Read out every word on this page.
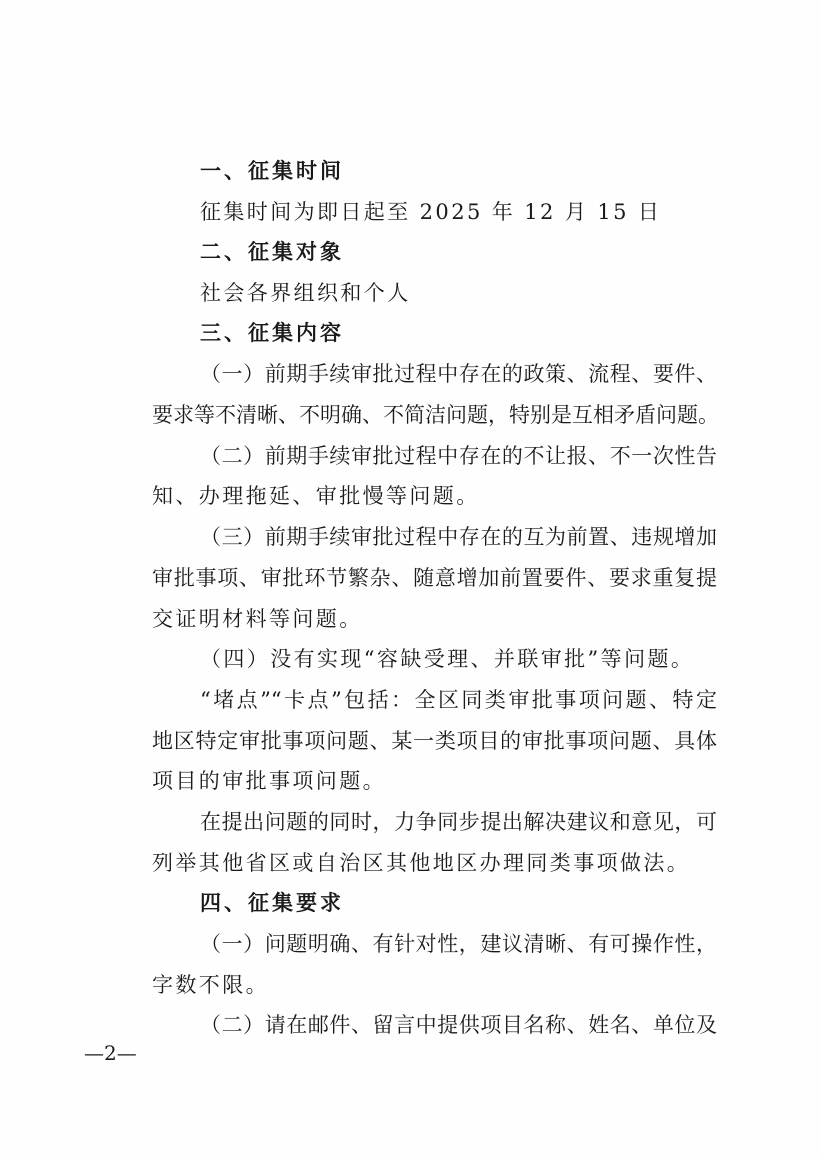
一、征集时间
征集时间为即日起至 2025 年 12 月 15 日
二、征集对象
社会各界组织和个人
三、征集内容
（一）前期手续审批过程中存在的政策、流程、要件、
要求等不清晰、不明确、不简洁问题，特别是互相矛盾问题。
（二）前期手续审批过程中存在的不让报、不一次性告
知、办理拖延、审批慢等问题。
（三）前期手续审批过程中存在的互为前置、违规增加
审批事项、审批环节繁杂、随意增加前置要件、要求重复提
交证明材料等问题。
（四）没有实现“容缺受理、并联审批”等问题。
“堵点”“卡点”包括：全区同类审批事项问题、特定
地区特定审批事项问题、某一类项目的审批事项问题、具体
项目的审批事项问题。
在提出问题的同时，力争同步提出解决建议和意见，可
列举其他省区或自治区其他地区办理同类事项做法。
四、征集要求
（一）问题明确、有针对性，建议清晰、有可操作性，
字数不限。
（二）请在邮件、留言中提供项目名称、姓名、单位及
—2—
